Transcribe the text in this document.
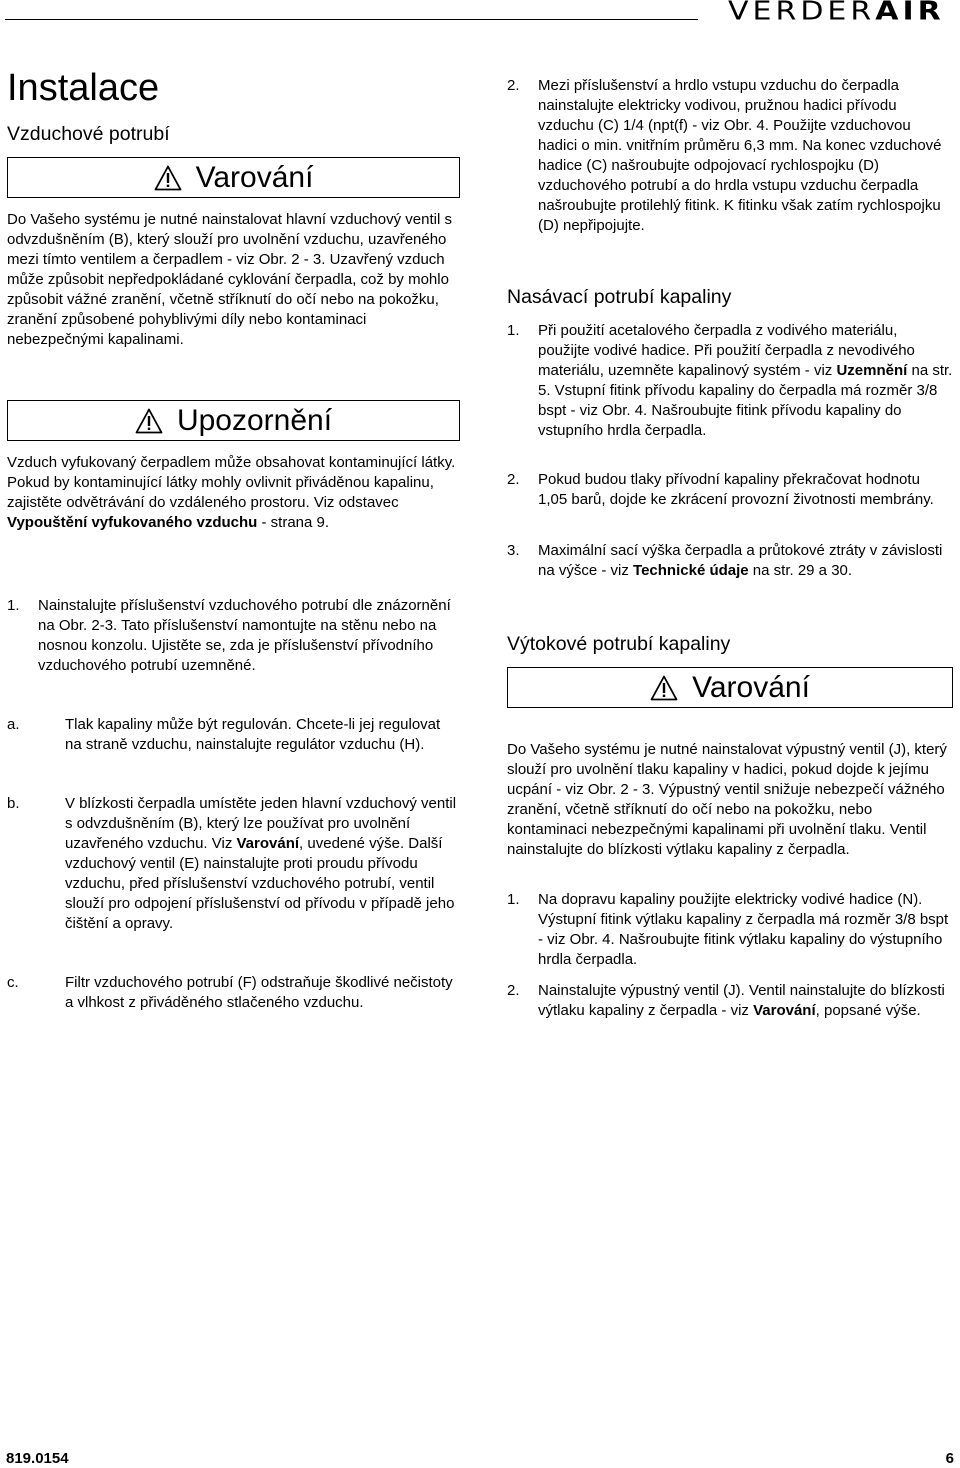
VERDERAIR
Instalace
Vzduchové potrubí
Varování

Do Vašeho systému je nutné nainstalovat hlavní vzduchový ventil s odvzdušněním (B), který slouží pro uvolnění vzduchu, uzavřeného mezi tímto ventilem a čerpadlem - viz Obr. 2 - 3. Uzavřený vzduch může způsobit nepředpokládané cyklování čerpadla, což by mohlo způsobit vážné zranění, včetně stříknutí do očí nebo na pokožku, zranění způsobené pohyblivými díly nebo kontaminaci nebezpečnými kapalinami.

Upozornění

Vzduch vyfukovaný čerpadlem může obsahovat kontaminující látky. Pokud by kontaminující látky mohly ovlivnit přiváděnou kapalinu, zajistěte odvětrávání do vzdáleného prostoru. Viz odstavec Vypouštění vyfukovaného vzduchu - strana 9.

1. Nainstalujte příslušenství vzduchového potrubí dle znázornění na Obr. 2-3. Tato příslušenství namontujte na stěnu nebo na nosnou konzolu. Ujistěte se, zda je příslušenství přívodního vzduchového potrubí uzemněné.
a.	Tlak kapaliny může být regulován. Chcete-li jej regulovat na straně vzduchu, nainstalujte regulátor vzduchu (H).
b.	V blízkosti čerpadla umístěte jeden hlavní vzduchový ventil s odvzdušněním (B), který lze používat pro uvolnění uzavřeného vzduchu. Viz Varování, uvedené výše. Další vzduchový ventil (E) nainstalujte proti proudu přívodu vzduchu, před příslušenství vzduchového potrubí, ventil slouží pro odpojení příslušenství od přívodu v případě jeho čištění a opravy.
c.	Filtr vzduchového potrubí (F) odstraňuje škodlivé nečistoty a vlhkost z přiváděného stlačeného vzduchu.
2. Mezi příslušenství a hrdlo vstupu vzduchu do čerpadla nainstalujte elektricky vodivou, pružnou hadici přívodu vzduchu (C) 1/4 (npt(f) - viz Obr. 4. Použijte vzduchovou hadici o min. vnitřním průměru 6,3 mm. Na konec vzduchové hadice (C) našroubujte odpojovací rychlospojku (D) vzduchového potrubí a do hrdla vstupu vzduchu čerpadla našroubujte protilehlý fitink. K fitinku však zatím rychlospojku (D) nepřipojujte.
Nasávací potrubí kapaliny
1. Při použití acetalového čerpadla z vodivého materiálu, použijte vodivé hadice. Při použití čerpadla z nevodivého materiálu, uzemněte kapalinový systém - viz Uzemnění na str. 5. Vstupní fitink přívodu kapaliny do čerpadla má rozměr 3/8 bspt - viz Obr. 4. Našroubujte fitink přívodu kapaliny do vstupního hrdla čerpadla.
2. Pokud budou tlaky přívodní kapaliny překračovat hodnotu 1,05 barů, dojde ke zkrácení provozní životnosti membrány.
3. Maximální sací výška čerpadla a průtokové ztráty v závislosti na výšce - viz Technické údaje na str. 29 a 30.
Výtokové potrubí kapaliny
Varování

Do Vašeho systému je nutné nainstalovat výpustný ventil (J), který slouží pro uvolnění tlaku kapaliny v hadici, pokud dojde k jejímu ucpání - viz Obr. 2 - 3. Výpustný ventil snižuje nebezpečí vážného zranění, včetně stříknutí do očí nebo na pokožku, nebo kontaminaci nebezpečnými kapalinami při uvolnění tlaku. Ventil nainstalujte do blízkosti výtlaku kapaliny z čerpadla.

1. Na dopravu kapaliny použijte elektricky vodivé hadice (N). Výstupní fitink výtlaku kapaliny z čerpadla má rozměr 3/8 bspt - viz Obr. 4. Našroubujte fitink výtlaku kapaliny do výstupního hrdla čerpadla.
2. Nainstalujte výpustný ventil (J). Ventil nainstalujte do blízkosti výtlaku kapaliny z čerpadla - viz Varování, popsané výše.
819.0154	6
